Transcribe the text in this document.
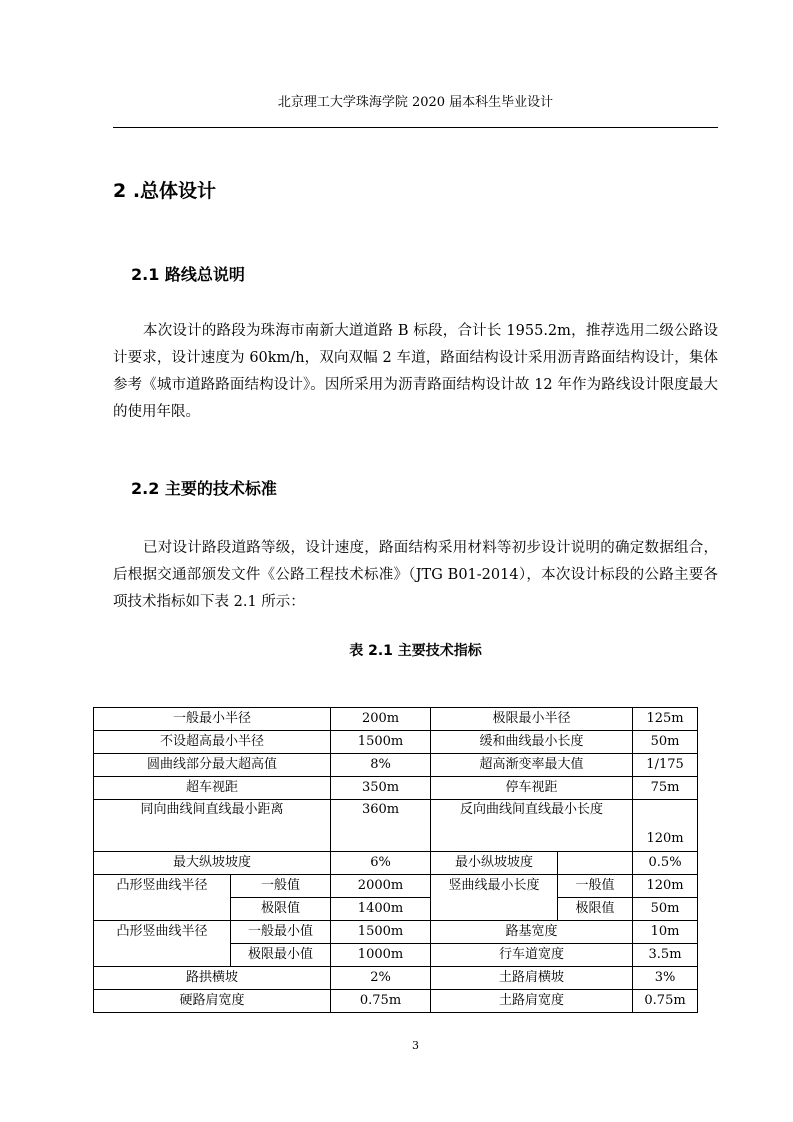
北京理工大学珠海学院 2020 届本科生毕业设计
2 .总体设计
2.1 路线总说明
本次设计的路段为珠海市南新大道道路 B 标段，合计长 1955.2m，推荐选用二级公路设计要求，设计速度为 60km/h，双向双幅 2 车道，路面结构设计采用沥青路面结构设计，集体参考《城市道路路面结构设计》。因所采用为沥青路面结构设计故 12 年作为路线设计限度最大的使用年限。
2.2 主要的技术标准
已对设计路段道路等级，设计速度，路面结构采用材料等初步设计说明的确定数据组合，后根据交通部颁发文件《公路工程技术标准》（JTG B01-2014），本次设计标段的公路主要各项技术指标如下表 2.1 所示：
表 2.1 主要技术指标
一般最小半径		200m	极限最小半径		125m
不设超高最小半径		1500m	缓和曲线最小长度		50m
圆曲线部分最大超高值		8%	超高渐变率最大值		1/175
超车视距		350m	停车视距		75m
同向曲线间直线最小距离		360m	反向曲线间直线最小长度		120m
最大纵坡坡度		6%	最小纵坡坡度		0.5%
凸形竖曲线半径	一般值	2000m	竖曲线最小长度	一般值	120m
	极限值	1400m		极限值	50m
凸形竖曲线半径	一般最小值	1500m	路基宽度		10m
	极限最小值	1000m	行车道宽度		3.5m
路拱横坡		2%	土路肩横坡		3%
硬路肩宽度		0.75m	土路肩宽度		0.75m
3
